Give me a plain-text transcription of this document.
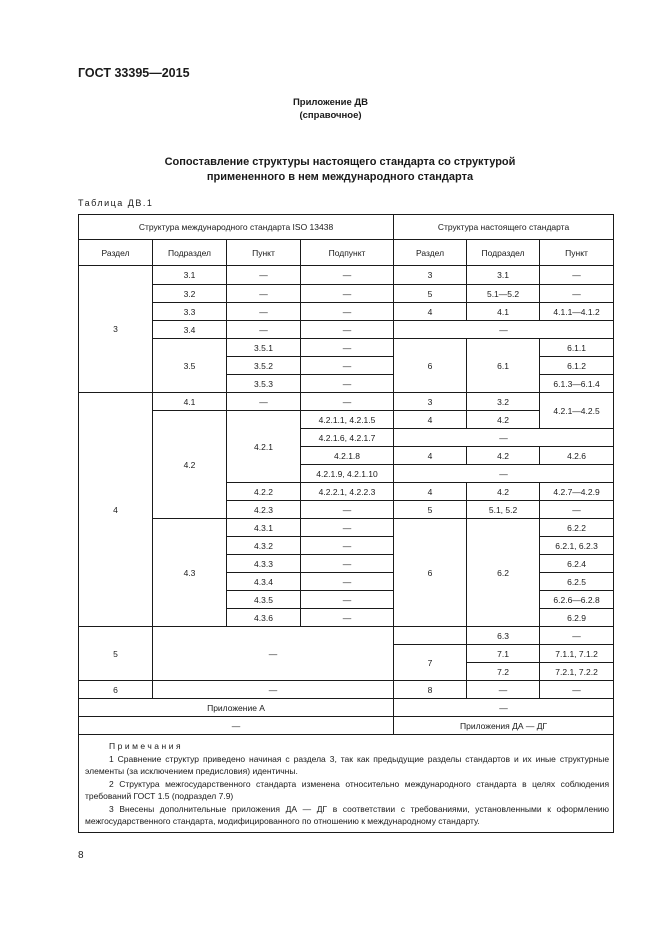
ГОСТ 33395—2015
Приложение ДВ
(справочное)
Сопоставление структуры настоящего стандарта со структурой
примененного в нем международного стандарта
Таблица ДВ.1
Структура международного стандарта ISO 13438				Структура настоящего стандарта		
Раздел	Подраздел	Пункт	Подпункт	Раздел	Подраздел	Пункт
3	3.1	—	—	3	3.1	—
	3.2	—	—	5	5.1—5.2	—
	3.3	—	—	4	4.1	4.1.1—4.1.2
	3.4	—	—	—		
	3.5	3.5.1	—	6	6.1	6.1.1
		3.5.2	—			6.1.2
		3.5.3	—			6.1.3—6.1.4
4	4.1	—	—	3	3.2	4.2.1—4.2.5
	4.2	4.2.1	4.2.1.1, 4.2.1.5	4	4.2	
			4.2.1.6, 4.2.1.7	—		
			4.2.1.8	4	4.2	4.2.6
			4.2.1.9, 4.2.1.10	—		
		4.2.2	4.2.2.1, 4.2.2.3	4	4.2	4.2.7—4.2.9
		4.2.3	—	5	5.1, 5.2	—
	4.3	4.3.1	—	6	6.2	6.2.2
		4.3.2	—			6.2.1, 6.2.3
		4.3.3	—			6.2.4
		4.3.4	—			6.2.5
		4.3.5	—			6.2.6—6.2.8
		4.3.6	—			6.2.9
5	—				6.3	—
				7	7.1	7.1.1, 7.1.2
					7.2	7.2.1, 7.2.2
6	—			8	—	—
Приложение А				—		
—				Приложения ДА — ДГ		

Примечания
1 Сравнение структур приведено начиная с раздела 3, так как предыдущие разделы стандартов и их иные структурные элементы (за исключением предисловия) идентичны.
2 Структура межгосударственного стандарта изменена относительно международного стандарта в целях соблюдения требований ГОСТ 1.5 (подраздел 7.9)
3 Внесены дополнительные приложения ДА — ДГ в соответствии с требованиями, установленными к оформлению межгосударственного стандарта, модифицированного по отношению к международному стандарту.						
8
